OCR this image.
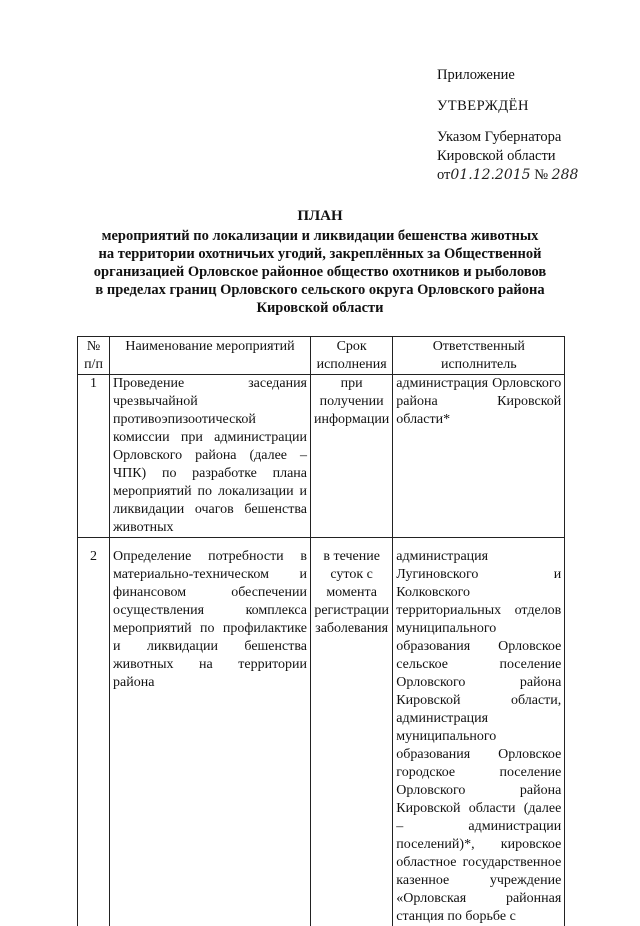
Приложение
УТВЕРЖДЁН
Указом Губернатора
Кировской области
от01.12.2015 № 288
ПЛАН
мероприятий по локализации и ликвидации бешенства животных
на территории охотничьих угодий, закреплённых за Общественной
организацией Орловское районное общество охотников и рыболовов
в пределах границ Орловского сельского округа Орловского района
Кировской области
№ п/п	Наименование мероприятий	Срок исполнения	Ответственный исполнитель
1	Проведение заседания чрезвычайной противоэпизоотической комиссии при администрации Орловского района (далее – ЧПК) по разработке плана мероприятий по локализации и ликвидации очагов бешенства животных	при получении информации	администрация Орловского района Кировской области*
2	Определение потребности в материально-техническом и финансовом обеспечении осуществления комплекса мероприятий по профилактике и ликвидации бешенства животных на территории района	в течение суток с момента регистрации заболевания	администрация Лугиновского и Колковского территориальных отделов муниципального образования Орловское сельское поселение Орловского района Кировской области, администрация муниципального образования Орловское городское поселение Орловского района Кировской области (далее – администрации поселений)*, кировское областное государственное казенное учреждение «Орловская районная станция по борьбе с
